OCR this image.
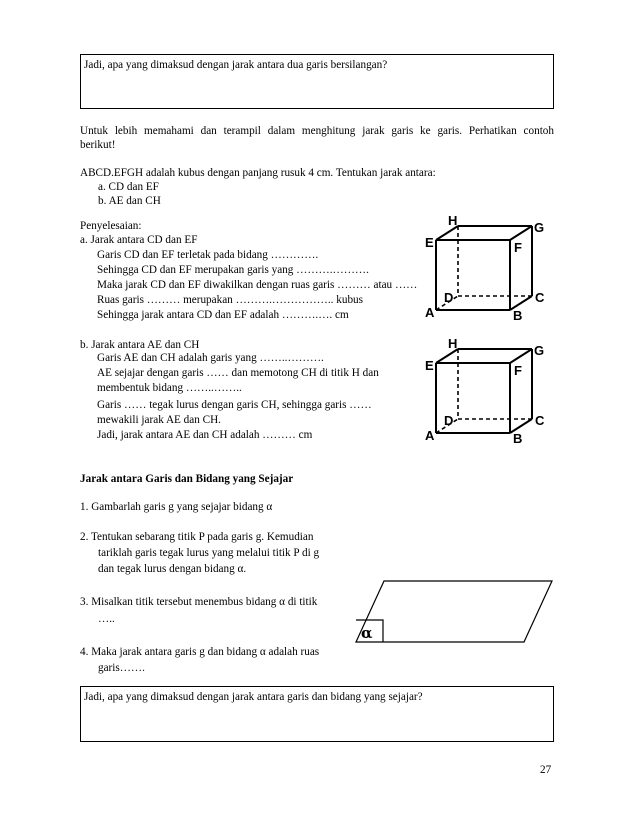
Jadi, apa yang dimaksud dengan jarak antara dua garis bersilangan?
Untuk lebih memahami dan terampil dalam menghitung jarak garis ke garis. Perhatikan contoh
berikut!
ABCD.EFGH adalah kubus dengan panjang rusuk 4 cm. Tentukan jarak antara:
a. CD dan EF
b. AE dan CH
Penyelesaian:
a. Jarak antara CD dan EF
Garis CD dan EF terletak pada bidang ………….
Sehingga CD dan EF merupakan garis yang ……….……….
Maka jarak CD dan EF diwakilkan dengan ruas garis ……… atau ……
Ruas garis ……… merupakan ……….…………….. kubus
Sehingga jarak antara CD dan EF adalah ……….…. cm
b. Jarak antara AE dan CH
Garis AE dan CH adalah garis yang ……..……….
AE sejajar dengan garis …… dan memotong CH di titik H dan
membentuk bidang ……..……..
Garis …… tegak lurus dengan garis CH, sehingga garis ……
mewakili jarak AE dan CH.
Jadi, jarak antara AE dan CH adalah ……… cm
H	G
E	F
D	C
A	B
H	G
E	F
D	C
A	B
Jarak antara Garis dan Bidang yang Sejajar
1. Gambarlah garis g yang sejajar bidang α
2. Tentukan sebarang titik P pada garis g. Kemudian
tariklah garis tegak lurus yang melalui titik P di g
dan tegak lurus dengan bidang α.
3. Misalkan titik tersebut menembus bidang α di titik
…..
4. Maka jarak antara garis g dan bidang α adalah ruas
garis…….
α
Jadi, apa yang dimaksud dengan jarak antara garis dan bidang yang sejajar?
27
